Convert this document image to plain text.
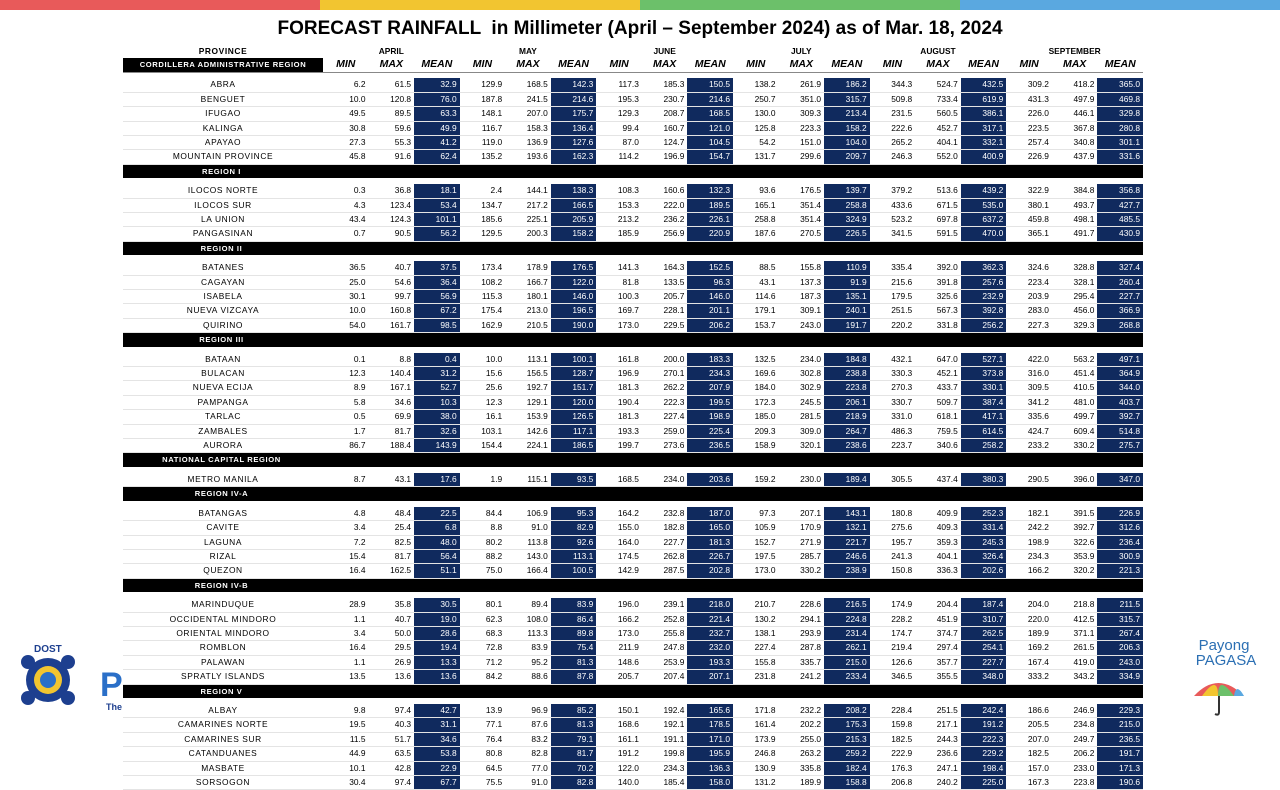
FORECAST RAINFALL  in Millimeter (April – September 2024) as of Mar. 18, 2024
PROVINCE	APRIL			MAY			JUNE			JULY			AUGUST			SEPTEMBER		
CORDILLERA ADMINISTRATIVE REGION	MIN	MAX	MEAN	MIN	MAX	MEAN	MIN	MAX	MEAN	MIN	MAX	MEAN	MIN	MAX	MEAN	MIN	MAX	MEAN

ABRA	6.2	61.5	32.9	129.9	168.5	142.3	117.3	185.3	150.5	138.2	261.9	186.2	344.3	524.7	432.5	309.2	418.2	365.0
BENGUET	10.0	120.8	76.0	187.8	241.5	214.6	195.3	230.7	214.6	250.7	351.0	315.7	509.8	733.4	619.9	431.3	497.9	469.8
IFUGAO	49.5	89.5	63.3	148.1	207.0	175.7	129.3	208.7	168.5	130.0	309.3	213.4	231.5	560.5	386.1	226.0	446.1	329.8
KALINGA	30.8	59.6	49.9	116.7	158.3	136.4	99.4	160.7	121.0	125.8	223.3	158.2	222.6	452.7	317.1	223.5	367.8	280.8
APAYAO	27.3	55.3	41.2	119.0	136.9	127.6	87.0	124.7	104.5	54.2	151.0	104.0	265.2	404.1	332.1	257.4	340.8	301.1
MOUNTAIN PROVINCE	45.8	91.6	62.4	135.2	193.6	162.3	114.2	196.9	154.7	131.7	299.6	209.7	246.3	552.0	400.9	226.9	437.9	331.6
REGION I																		

ILOCOS NORTE	0.3	36.8	18.1	2.4	144.1	138.3	108.3	160.6	132.3	93.6	176.5	139.7	379.2	513.6	439.2	322.9	384.8	356.8
ILOCOS SUR	4.3	123.4	53.4	134.7	217.2	166.5	153.3	222.0	189.5	165.1	351.4	258.8	433.6	671.5	535.0	380.1	493.7	427.7
LA UNION	43.4	124.3	101.1	185.6	225.1	205.9	213.2	236.2	226.1	258.8	351.4	324.9	523.2	697.8	637.2	459.8	498.1	485.5
PANGASINAN	0.7	90.5	56.2	129.5	200.3	158.2	185.9	256.9	220.9	187.6	270.5	226.5	341.5	591.5	470.0	365.1	491.7	430.9
REGION II																		

BATANES	36.5	40.7	37.5	173.4	178.9	176.5	141.3	164.3	152.5	88.5	155.8	110.9	335.4	392.0	362.3	324.6	328.8	327.4
CAGAYAN	25.0	54.6	36.4	108.2	166.7	122.0	81.8	133.5	96.3	43.1	137.3	91.9	215.6	391.8	257.6	223.4	328.1	260.4
ISABELA	30.1	99.7	56.9	115.3	180.1	146.0	100.3	205.7	146.0	114.6	187.3	135.1	179.5	325.6	232.9	203.9	295.4	227.7
NUEVA VIZCAYA	10.0	160.8	67.2	175.4	213.0	196.5	169.7	228.1	201.1	179.1	309.1	240.1	251.5	567.3	392.8	283.0	456.0	366.9
QUIRINO	54.0	161.7	98.5	162.9	210.5	190.0	173.0	229.5	206.2	153.7	243.0	191.7	220.2	331.8	256.2	227.3	329.3	268.8
REGION III																		

BATAAN	0.1	8.8	0.4	10.0	113.1	100.1	161.8	200.0	183.3	132.5	234.0	184.8	432.1	647.0	527.1	422.0	563.2	497.1
BULACAN	12.3	140.4	31.2	15.6	156.5	128.7	196.9	270.1	234.3	169.6	302.8	238.8	330.3	452.1	373.8	316.0	451.4	364.9
NUEVA ECIJA	8.9	167.1	52.7	25.6	192.7	151.7	181.3	262.2	207.9	184.0	302.9	223.8	270.3	433.7	330.1	309.5	410.5	344.0
PAMPANGA	5.8	34.6	10.3	12.3	129.1	120.0	190.4	222.3	199.5	172.3	245.5	206.1	330.7	509.7	387.4	341.2	481.0	403.7
TARLAC	0.5	69.9	38.0	16.1	153.9	126.5	181.3	227.4	198.9	185.0	281.5	218.9	331.0	618.1	417.1	335.6	499.7	392.7
ZAMBALES	1.7	81.7	32.6	103.1	142.6	117.1	193.3	259.0	225.4	209.3	309.0	264.7	486.3	759.5	614.5	424.7	609.4	514.8
AURORA	86.7	188.4	143.9	154.4	224.1	186.5	199.7	273.6	236.5	158.9	320.1	238.6	223.7	340.6	258.2	233.2	330.2	275.7
NATIONAL CAPITAL REGION																		

METRO MANILA	8.7	43.1	17.6	1.9	115.1	93.5	168.5	234.0	203.6	159.2	230.0	189.4	305.5	437.4	380.3	290.5	396.0	347.0
REGION IV-A																		

BATANGAS	4.8	48.4	22.5	84.4	106.9	95.3	164.2	232.8	187.0	97.3	207.1	143.1	180.8	409.9	252.3	182.1	391.5	226.9
CAVITE	3.4	25.4	6.8	8.8	91.0	82.9	155.0	182.8	165.0	105.9	170.9	132.1	275.6	409.3	331.4	242.2	392.7	312.6
LAGUNA	7.2	82.5	48.0	80.2	113.8	92.6	164.0	227.7	181.3	152.7	271.9	221.7	195.7	359.3	245.3	198.9	322.6	236.4
RIZAL	15.4	81.7	56.4	88.2	143.0	113.1	174.5	262.8	226.7	197.5	285.7	246.6	241.3	404.1	326.4	234.3	353.9	300.9
QUEZON	16.4	162.5	51.1	75.0	166.4	100.5	142.9	287.5	202.8	173.0	330.2	238.9	150.8	336.3	202.6	166.2	320.2	221.3
REGION IV-B																		

MARINDUQUE	28.9	35.8	30.5	80.1	89.4	83.9	196.0	239.1	218.0	210.7	228.6	216.5	174.9	204.4	187.4	204.0	218.8	211.5
OCCIDENTAL MINDORO	1.1	40.7	19.0	62.3	108.0	86.4	166.2	252.8	221.4	130.2	294.1	224.8	228.2	451.9	310.7	220.0	412.5	315.7
ORIENTAL MINDORO	3.4	50.0	28.6	68.3	113.3	89.8	173.0	255.8	232.7	138.1	293.9	231.4	174.7	374.7	262.5	189.9	371.1	267.4
ROMBLON	16.4	29.5	19.4	72.8	83.9	75.4	211.9	247.8	232.0	227.4	287.8	262.1	219.4	297.4	254.1	169.2	261.5	206.3
PALAWAN	1.1	26.9	13.3	71.2	95.2	81.3	148.6	253.9	193.3	155.8	335.7	215.0	126.6	357.7	227.7	167.4	419.0	243.0
SPRATLY ISLANDS	13.5	13.6	13.6	84.2	88.6	87.8	205.7	207.4	207.1	231.8	241.2	233.4	346.5	355.5	348.0	333.2	343.2	334.9
REGION V																		

ALBAY	9.8	97.4	42.7	13.9	96.9	85.2	150.1	192.4	165.6	171.8	232.2	208.2	228.4	251.5	242.4	186.6	246.9	229.3
CAMARINES NORTE	19.5	40.3	31.1	77.1	87.6	81.3	168.6	192.1	178.5	161.4	202.2	175.3	159.8	217.1	191.2	205.5	234.8	215.0
CAMARINES SUR	11.5	51.7	34.6	76.4	83.2	79.1	161.1	191.1	171.0	173.9	255.0	215.3	182.5	244.3	222.3	207.0	249.7	236.5
CATANDUANES	44.9	63.5	53.8	80.8	82.8	81.7	191.2	199.8	195.9	246.8	263.2	259.2	222.9	236.6	229.2	182.5	206.2	191.7
MASBATE	10.1	42.8	22.9	64.5	77.0	70.2	122.0	234.3	136.3	130.9	335.8	182.4	176.3	247.1	198.4	157.0	233.0	171.3
SORSOGON	30.4	97.4	67.7	75.5	91.0	82.8	140.0	185.4	158.0	131.2	189.9	158.8	206.8	240.2	225.0	167.3	223.8	190.6
DOST
P
The
Payong
PAGASA
